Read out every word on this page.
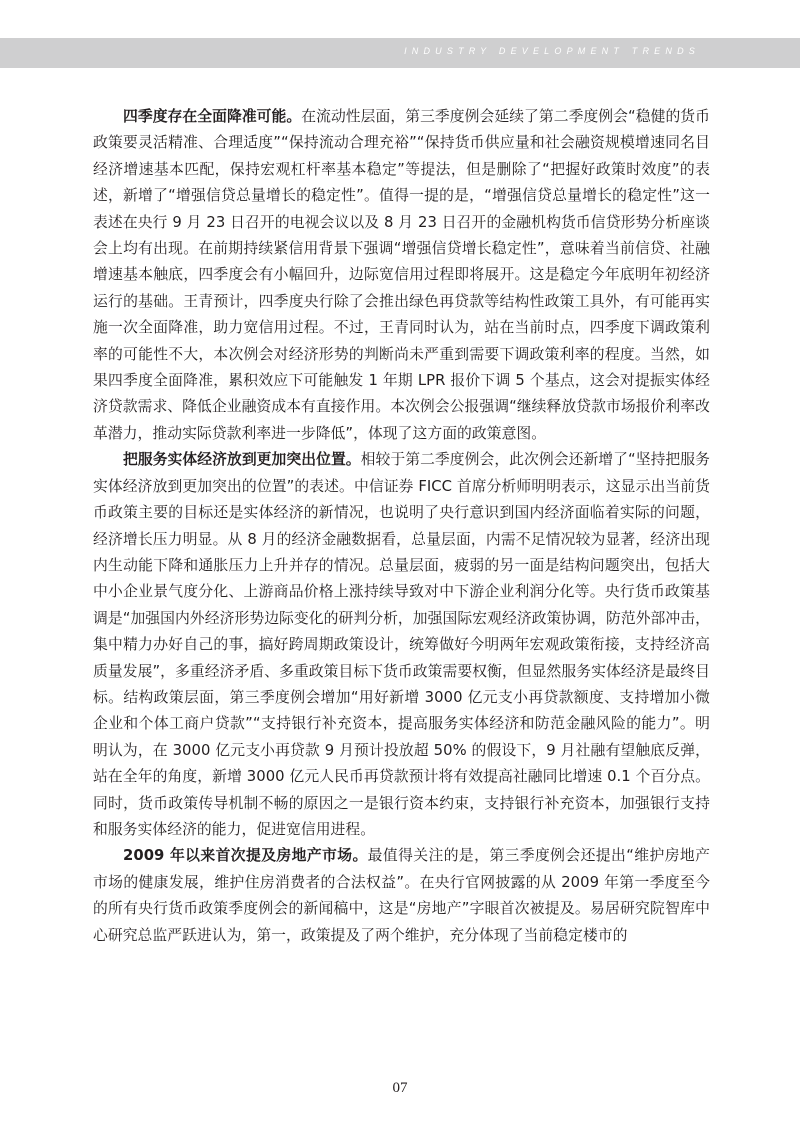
INDUSTRY DEVELOPMENT TRENDS

四季度存在全面降准可能。在流动性层面，第三季度例会延续了第二季度例会“稳健的货币政策要灵活精准、合理适度”“保持流动合理充裕”“保持货币供应量和社会融资规模增速同名目经济增速基本匹配，保持宏观杠杆率基本稳定”等提法，但是删除了“把握好政策时效度”的表述，新增了“增强信贷总量增长的稳定性”。值得一提的是，“增强信贷总量增长的稳定性”这一表述在央行 9 月 23 日召开的电视会议以及 8 月 23 日召开的金融机构货币信贷形势分析座谈会上均有出现。在前期持续紧信用背景下强调“增强信贷增长稳定性”，意味着当前信贷、社融增速基本触底，四季度会有小幅回升，边际宽信用过程即将展开。这是稳定今年底明年初经济运行的基础。王青预计，四季度央行除了会推出绿色再贷款等结构性政策工具外，有可能再实施一次全面降准，助力宽信用过程。不过，王青同时认为，站在当前时点，四季度下调政策利率的可能性不大，本次例会对经济形势的判断尚未严重到需要下调政策利率的程度。当然，如果四季度全面降准，累积效应下可能触发 1 年期 LPR 报价下调 5 个基点，这会对提振实体经济贷款需求、降低企业融资成本有直接作用。本次例会公报强调“继续释放贷款市场报价利率改革潜力，推动实际贷款利率进一步降低”，体现了这方面的政策意图。

把服务实体经济放到更加突出位置。相较于第二季度例会，此次例会还新增了“坚持把服务实体经济放到更加突出的位置”的表述。中信证券 FICC 首席分析师明明表示，这显示出当前货币政策主要的目标还是实体经济的新情况，也说明了央行意识到国内经济面临着实际的问题，经济增长压力明显。从 8 月的经济金融数据看，总量层面，内需不足情况较为显著，经济出现内生动能下降和通胀压力上升并存的情况。总量层面，疲弱的另一面是结构问题突出，包括大中小企业景气度分化、上游商品价格上涨持续导致对中下游企业利润分化等。央行货币政策基调是“加强国内外经济形势边际变化的研判分析，加强国际宏观经济政策协调，防范外部冲击，集中精力办好自己的事，搞好跨周期政策设计，统筹做好今明两年宏观政策衔接，支持经济高质量发展”，多重经济矛盾、多重政策目标下货币政策需要权衡，但显然服务实体经济是最终目标。结构政策层面，第三季度例会增加“用好新增 3000 亿元支小再贷款额度、支持增加小微企业和个体工商户贷款”“支持银行补充资本，提高服务实体经济和防范金融风险的能力”。明明认为，在 3000 亿元支小再贷款 9 月预计投放超 50% 的假设下，9 月社融有望触底反弹，站在全年的角度，新增 3000 亿元人民币再贷款预计将有效提高社融同比增速 0.1 个百分点。同时，货币政策传导机制不畅的原因之一是银行资本约束，支持银行补充资本，加强银行支持和服务实体经济的能力，促进宽信用进程。

2009 年以来首次提及房地产市场。最值得关注的是，第三季度例会还提出“维护房地产市场的健康发展，维护住房消费者的合法权益”。在央行官网披露的从 2009 年第一季度至今的所有央行货币政策季度例会的新闻稿中，这是“房地产”字眼首次被提及。易居研究院智库中心研究总监严跃进认为，第一，政策提及了两个维护，充分体现了当前稳定楼市的

07
